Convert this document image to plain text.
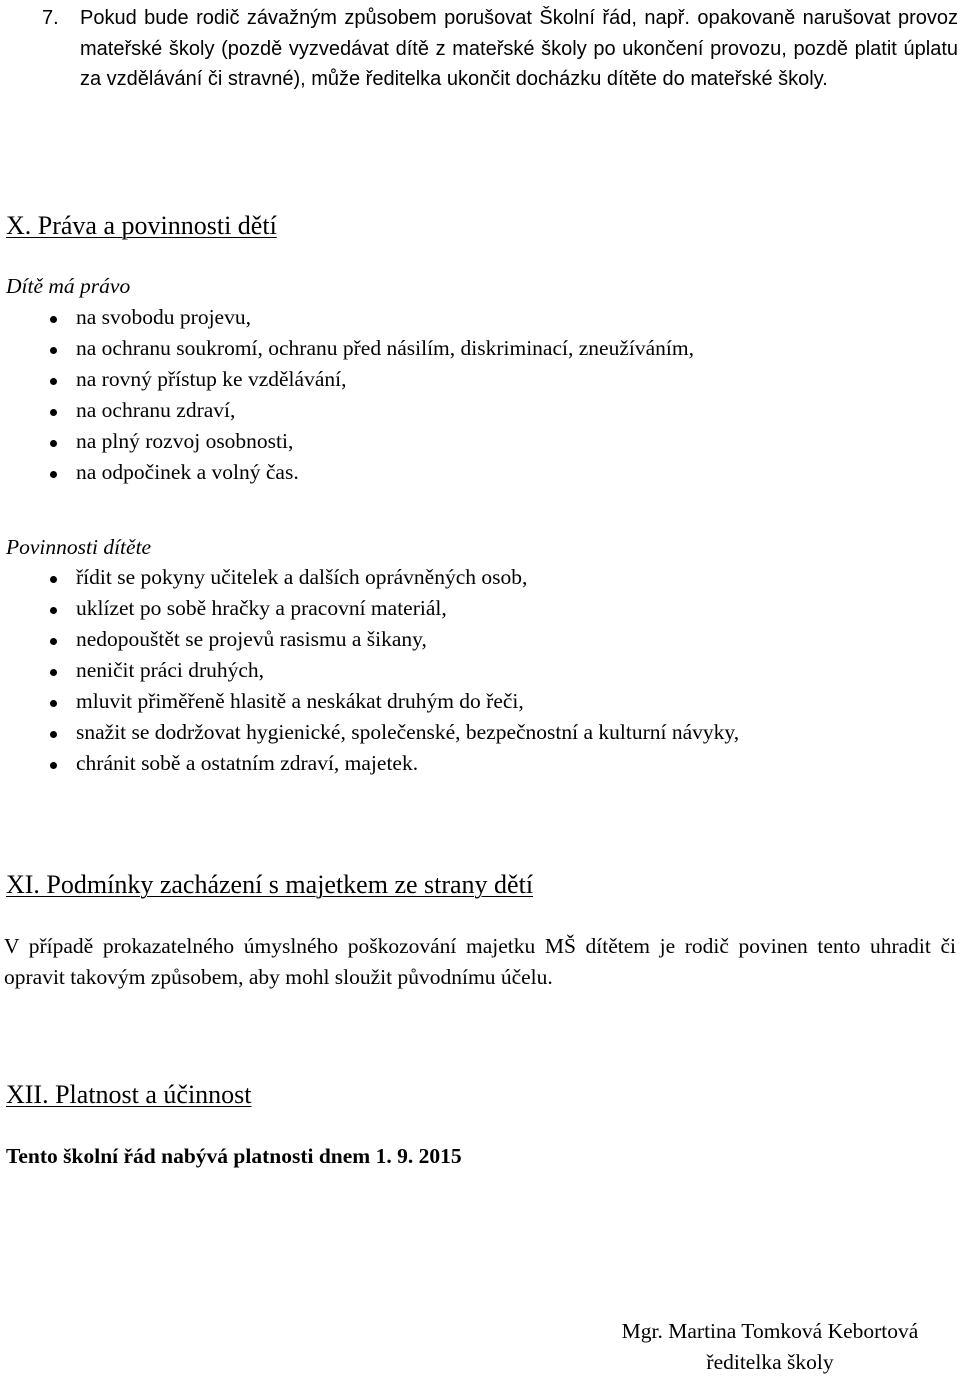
7. Pokud bude rodič závažným způsobem porušovat Školní řád, např. opakovaně narušovat provoz mateřské školy (pozdě vyzvedávat dítě z mateřské školy po ukončení provozu, pozdě platit úplatu za vzdělávání či stravné), může ředitelka ukončit docházku dítěte do mateřské školy.
X. Práva a povinnosti dětí
Dítě má právo
na svobodu projevu,
na ochranu soukromí, ochranu před násilím, diskriminací, zneužíváním,
na rovný přístup ke vzdělávání,
na ochranu zdraví,
na plný rozvoj osobnosti,
na odpočinek a volný čas.
Povinnosti dítěte
řídit se pokyny učitelek a dalších oprávněných osob,
uklízet po sobě hračky a pracovní materiál,
nedopouštět se projevů rasismu a šikany,
neničit práci druhých,
mluvit přiměřeně hlasitě a neskákat druhým do řeči,
snažit se dodržovat hygienické, společenské, bezpečnostní a kulturní návyky,
chránit sobě a ostatním zdraví, majetek.
XI. Podmínky zacházení s majetkem ze strany dětí
V případě prokazatelného úmyslného poškozování majetku MŠ dítětem je rodič povinen tento uhradit či opravit takovým způsobem, aby mohl sloužit původnímu účelu.
XII. Platnost a účinnost
Tento školní řád nabývá platnosti dnem 1. 9. 2015
Mgr. Martina Tomková Kebortová
ředitelka školy
